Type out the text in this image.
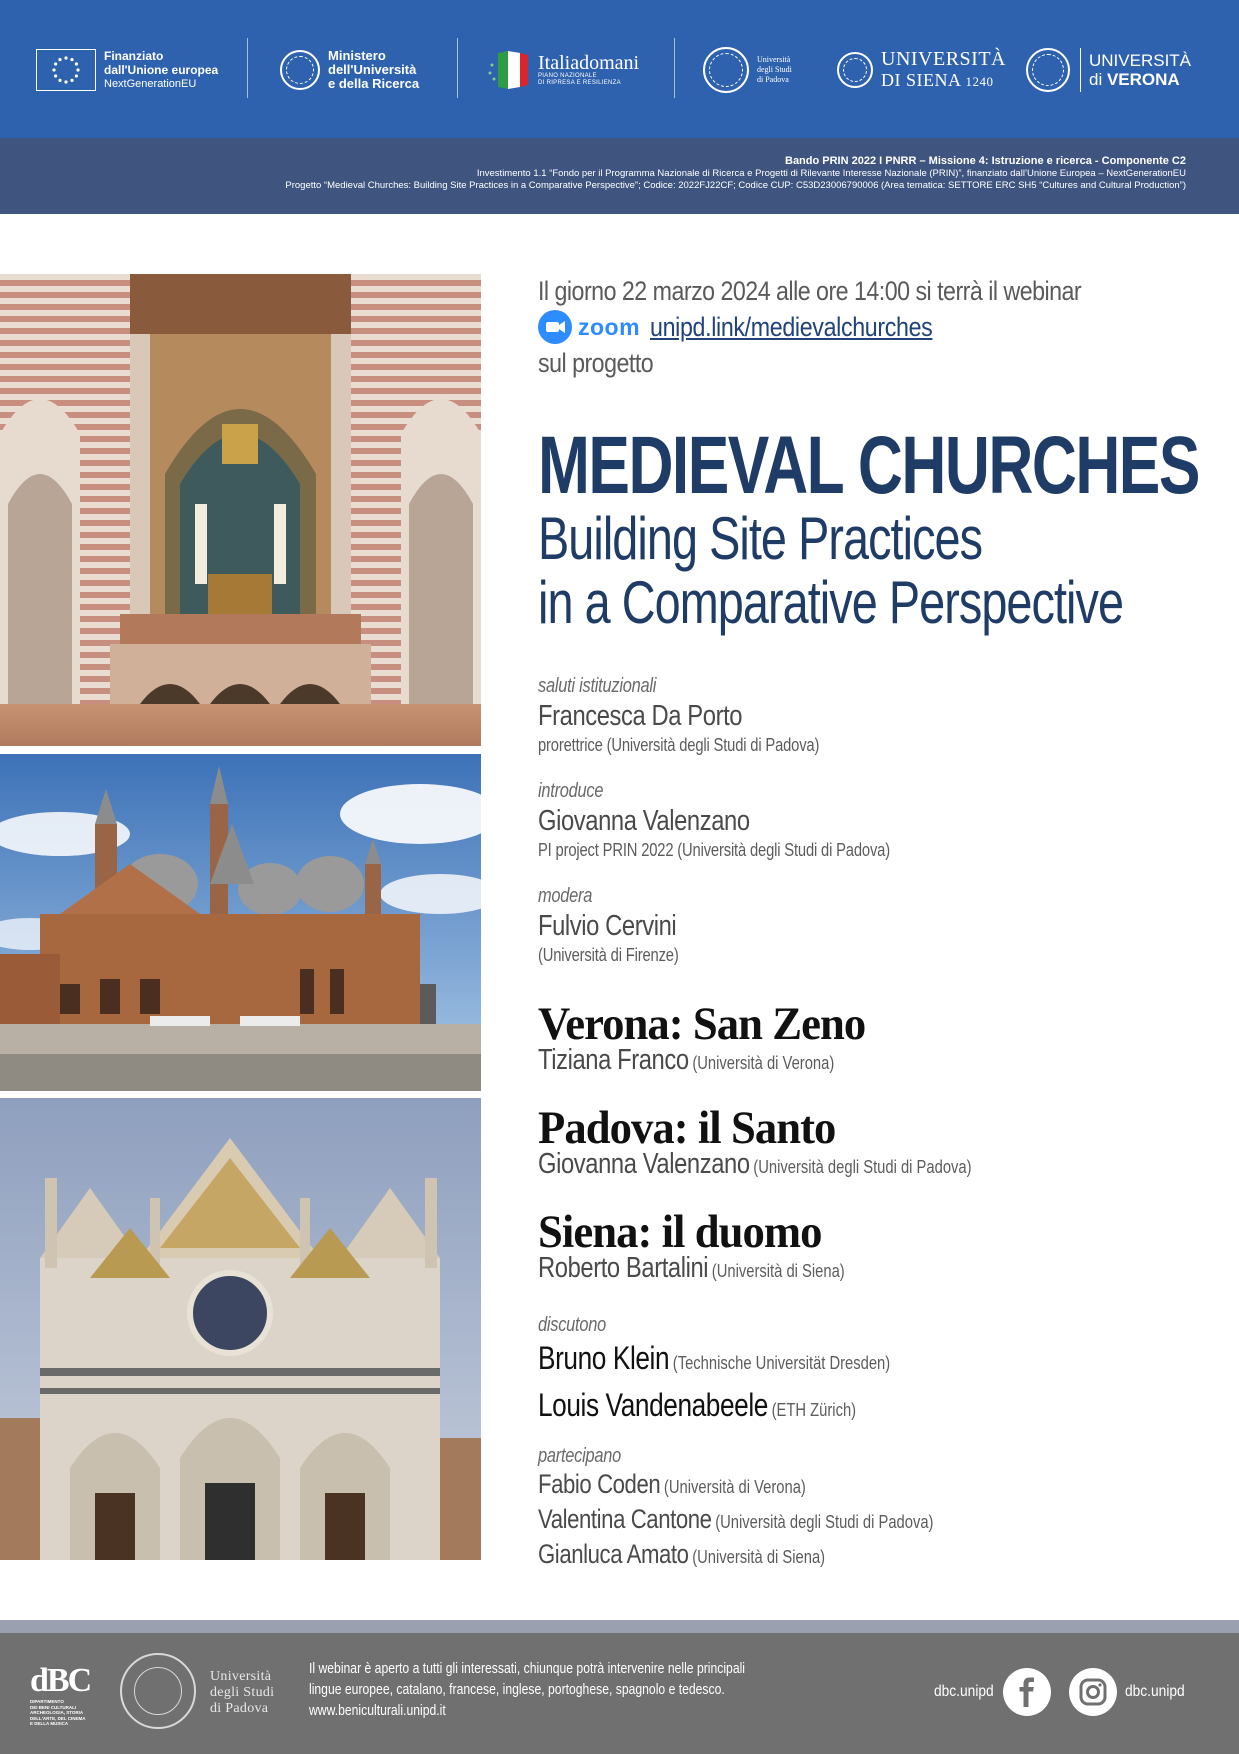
Finanziato
dall'Unione europea
NextGenerationEU
Ministero
dell'Università
e della Ricerca
Italiadomani
PIANO NAZIONALE
DI RIPRESA E RESILIENZA
Università
degli Studi
di Padova
UNIVERSITÀ
DI SIENA 1240
UNIVERSITÀ
di VERONA
Bando PRIN 2022 I PNRR – Missione 4: Istruzione e ricerca - Componente C2
Investimento 1.1 “Fondo per il Programma Nazionale di Ricerca e Progetti di Rilevante Interesse Nazionale (PRIN)”, finanziato dall’Unione Europea – NextGenerationEU
Progetto “Medieval Churches: Building Site Practices in a Comparative Perspective”; Codice: 2022FJ22CF; Codice CUP: C53D23006790006 (Area tematica: SETTORE ERC SH5 “Cultures and Cultural Production”)
Il giorno 22 marzo 2024 alle ore 14:00 si terrà il webinar
zoom unipd.link/medievalchurches
sul progetto
MEDIEVAL CHURCHES
Building Site Practices
in a Comparative Perspective
saluti istituzionali
Francesca Da Porto
prorettrice (Università degli Studi di Padova)
introduce
Giovanna Valenzano
PI project PRIN 2022 (Università degli Studi di Padova)
modera
Fulvio Cervini
(Università di Firenze)
Verona: San Zeno
Tiziana Franco (Università di Verona)
Padova: il Santo
Giovanna Valenzano (Università degli Studi di Padova)
Siena: il duomo
Roberto Bartalini (Università di Siena)
discutono
Bruno Klein (Technische Universität Dresden)
Louis Vandenabeele (ETH Zürich)
partecipano
Fabio Coden (Università di Verona)
Valentina Cantone (Università degli Studi di Padova)
Gianluca Amato (Università di Siena)
dBC
DIPARTIMENTO
DEI BENI CULTURALI
ARCHEOLOGIA, STORIA
DELL'ARTE, DEL CINEMA
E DELLA MUSICA
Università
degli Studi
di Padova
Il webinar è aperto a tutti gli interessati, chiunque potrà intervenire nelle principali
lingue europee, catalano, francese, inglese, portoghese, spagnolo e tedesco.
www.beniculturali.unipd.it
dbc.unipd	dbc.unipd
